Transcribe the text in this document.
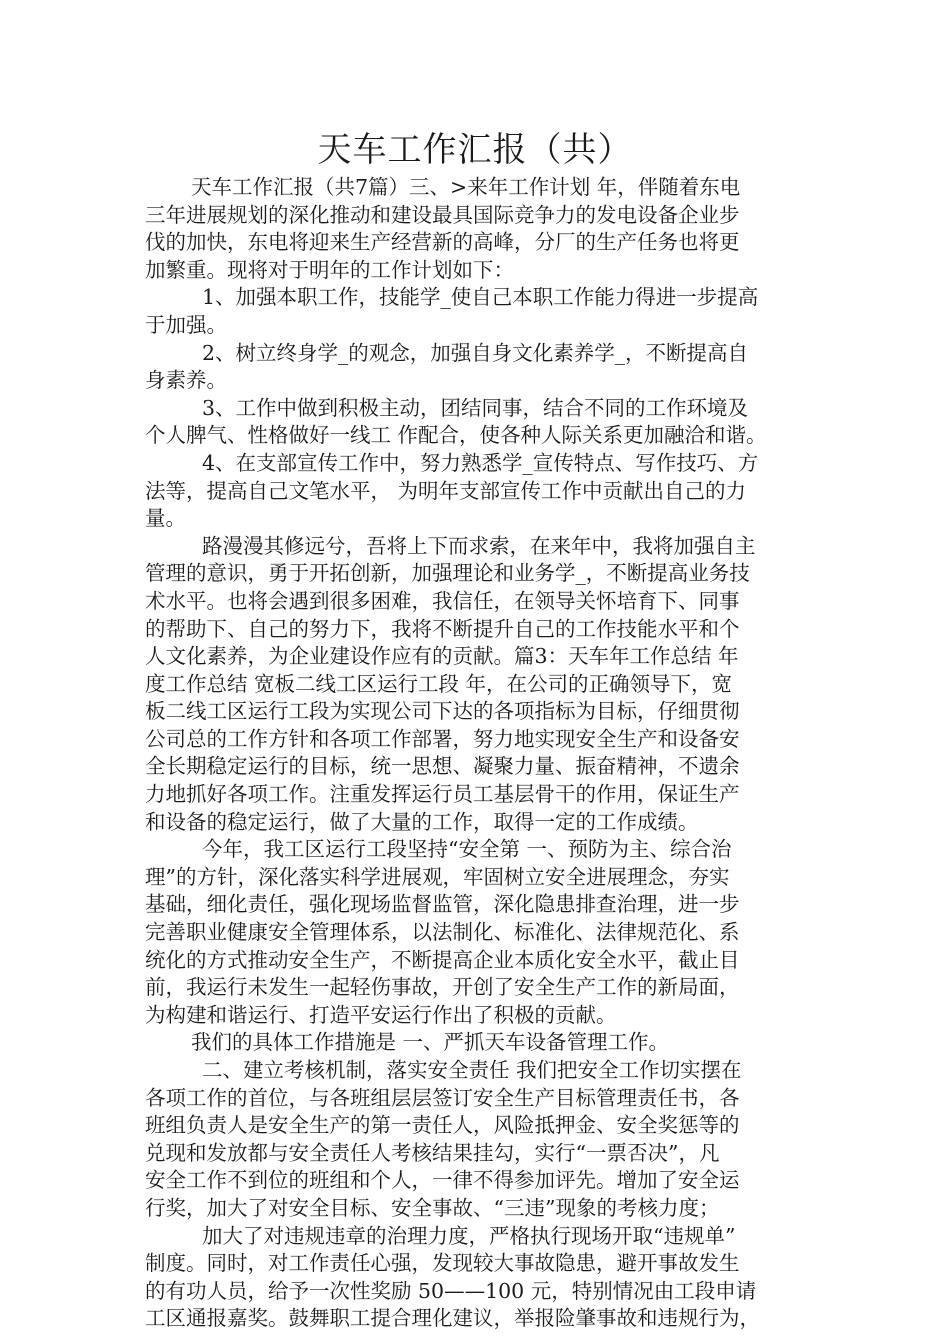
天车工作汇报（共）
天车工作汇报（共7篇）三、>来年工作计划 年，伴随着东电
三年进展规划的深化推动和建设最具国际竞争力的发电设备企业步
伐的加快，东电将迎来生产经营新的高峰，分厂的生产任务也将更
加繁重。现将对于明年的工作计划如下：
1、加强本职工作，技能学_使自己本职工作能力得进一步提高
于加强。
2、树立终身学_的观念，加强自身文化素养学_，不断提高自
身素养。
3、工作中做到积极主动，团结同事，结合不同的工作环境及
个人脾气、性格做好一线工 作配合，使各种人际关系更加融洽和谐。
4、在支部宣传工作中，努力熟悉学_宣传特点、写作技巧、方
法等，提高自己文笔水平， 为明年支部宣传工作中贡献出自己的力
量。
路漫漫其修远兮，吾将上下而求索，在来年中，我将加强自主
管理的意识，勇于开拓创新，加强理论和业务学_，不断提高业务技
术水平。也将会遇到很多困难，我信任，在领导关怀培育下、同事
的帮助下、自己的努力下，我将不断提升自己的工作技能水平和个
人文化素养，为企业建设作应有的贡献。篇3：天车年工作总结 年
度工作总结 宽板二线工区运行工段 年，在公司的正确领导下，宽
板二线工区运行工段为实现公司下达的各项指标为目标，仔细贯彻
公司总的工作方针和各项工作部署，努力地实现安全生产和设备安
全长期稳定运行的目标，统一思想、凝聚力量、振奋精神，不遗余
力地抓好各项工作。注重发挥运行员工基层骨干的作用，保证生产
和设备的稳定运行，做了大量的工作，取得一定的工作成绩。
今年，我工区运行工段坚持“安全第 一、预防为主、综合治
理”的方针，深化落实科学进展观，牢固树立安全进展理念，夯实
基础，细化责任，强化现场监督监管，深化隐患排查治理，进一步
完善职业健康安全管理体系，以法制化、标准化、法律规范化、系
统化的方式推动安全生产，不断提高企业本质化安全水平，截止目
前，我运行未发生一起轻伤事故，开创了安全生产工作的新局面，
为构建和谐运行、打造平安运行作出了积极的贡献。
我们的具体工作措施是 一、严抓天车设备管理工作。
二、建立考核机制，落实安全责任 我们把安全工作切实摆在
各项工作的首位，与各班组层层签订安全生产目标管理责任书，各
班组负责人是安全生产的第一责任人，风险抵押金、安全奖惩等的
兑现和发放都与安全责任人考核结果挂勾，实行“一票否决”，凡
安全工作不到位的班组和个人，一律不得参加评先。增加了安全运
行奖，加大了对安全目标、安全事故、“三违”现象的考核力度；
加大了对违规违章的治理力度，严格执行现场开取“违规单”
制度。同时，对工作责任心强，发现较大事故隐患，避开事故发生
的有功人员，给予一次性奖励 50——100 元，特别情况由工段申请
工区通报嘉奖。鼓舞职工提合理化建议，举报险肇事故和违规行为，
